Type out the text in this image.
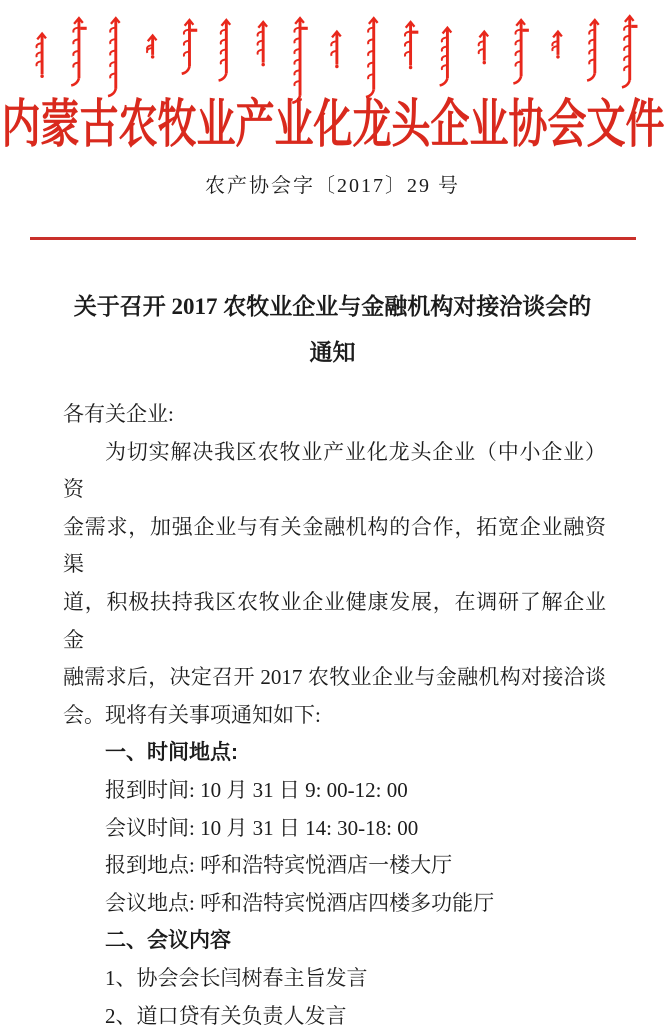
内蒙古农牧业产业化龙头企业协会文件
农产协会字〔2017〕29 号
关于召开 2017 农牧业企业与金融机构对接洽谈会的
通知
各有关企业:
为切实解决我区农牧业产业化龙头企业（中小企业）资
金需求，加强企业与有关金融机构的合作，拓宽企业融资渠
道，积极扶持我区农牧业企业健康发展，在调研了解企业金
融需求后，决定召开 2017 农牧业企业与金融机构对接洽谈
会。现将有关事项通知如下:
一、时间地点:
报到时间: 10 月 31 日 9: 00-12: 00
会议时间: 10 月 31 日 14: 30-18: 00
报到地点: 呼和浩特宾悦酒店一楼大厅
会议地点: 呼和浩特宾悦酒店四楼多功能厅
二、会议内容
1、协会会长闫树春主旨发言
2、道口贷有关负责人发言
